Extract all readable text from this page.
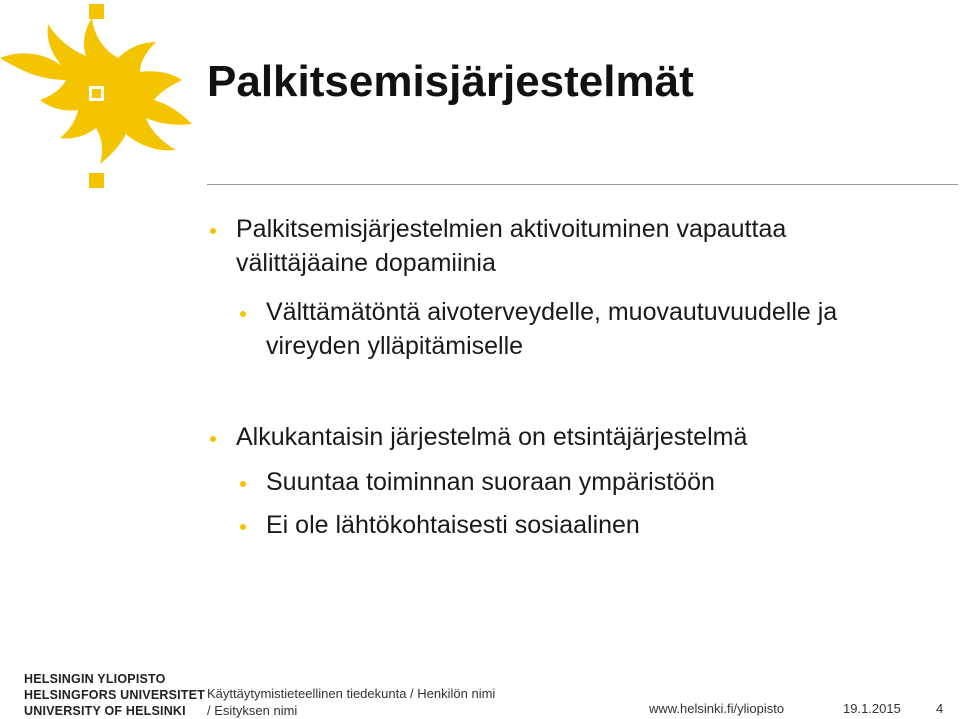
Palkitsemisjärjestelmät
Palkitsemisjärjestelmien aktivoituminen vapauttaa
välittäjäaine dopamiinia
Välttämätöntä aivoterveydelle, muovautuvuudelle ja
vireyden ylläpitämiselle
Alkukantaisin järjestelmä on etsintäjärjestelmä
Suuntaa toiminnan suoraan ympäristöön
Ei ole lähtökohtaisesti sosiaalinen
HELSINGIN YLIOPISTO
HELSINGFORS UNIVERSITET
UNIVERSITY OF HELSINKI
Käyttäytymistieteellinen tiedekunta / Henkilön nimi
/ Esityksen nimi	www.helsinki.fi/yliopisto	19.1.2015	4
